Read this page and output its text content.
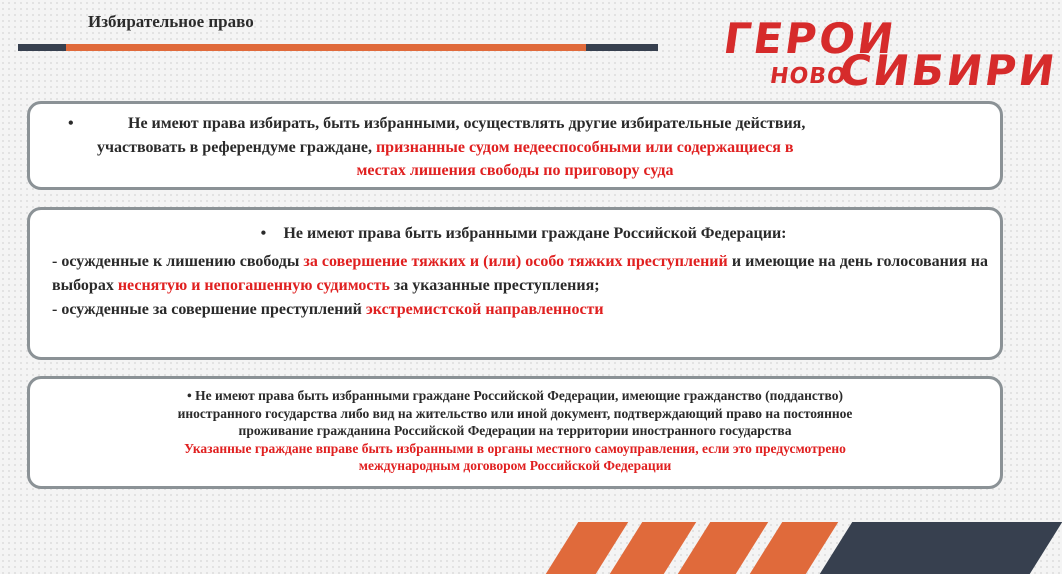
Избирательное право	ГЕРОИ
НОВО
СИБИРИ

•	Не имеют права избирать, быть избранными, осуществлять другие избирательные действия,

участвовать в референдуме граждане, признанные судом недееспособными или содержащиеся в

местах лишения свободы по приговору суда

• Не имеют права быть избранными граждане Российской Федерации:

- осужденные к лишению свободы за совершение тяжких и (или) особо тяжких преступлений и имеющие на день голосования на выборах неснятую и непогашенную судимость за указанные преступления;
- осужденные за совершение преступлений экстремистской направленности

• Не имеют права быть избранными граждане Российской Федерации, имеющие гражданство (подданство)
иностранного государства либо вид на жительство или иной документ, подтверждающий право на постоянное
проживание гражданина Российской Федерации на территории иностранного государства
Указанные граждане вправе быть избранными в органы местного самоуправления, если это предусмотрено
международным договором Российской Федерации
